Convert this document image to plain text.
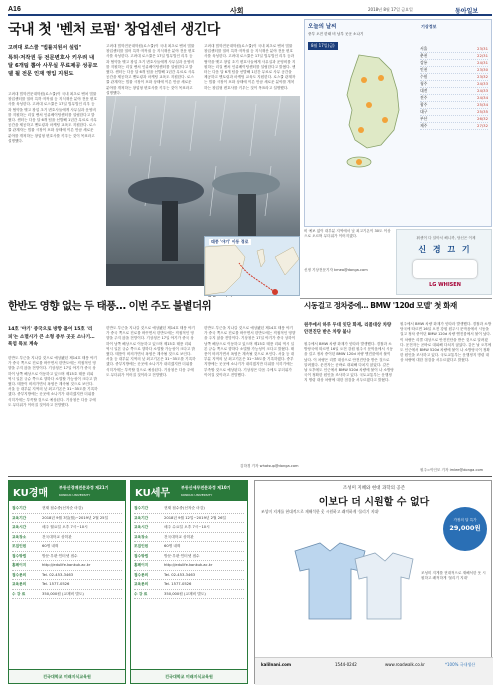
A16	사회	2018년 8월 17일 금요일	동아일보
국내 첫 '벤처 로펌' 창업센터 생긴다
고려대 로스쿨 "법률지원서 설립"
특허·저작권 등 전문변호사 키우려 내달 6개팀 뽑아 사무실 무료제공 성공모델 될 전문 인재 영입 지원도
고려대 법학전문대학원(로스쿨)이 국내 최초로 벤처 법률 창업센터를 열어 특허·저작권 등 지식재산 분야 전문 변호사를 육성한다. 고려대 로스쿨은 17일 법무법인 리우 등과 협약을 맺고 창업 초기 변호사들에게 사무실과 운영비를 지원하는 리걸 벤처 인큐베이팅센터를 설립한다고 밝혔다. 센터는 다음 달 6개 팀을 선발해 1년간 무료로 사무 공간을 제공하고 멘토링과 마케팅 교육도 지원한다. 로스쿨 관계자는 법률 시장이 포화 상태에 이른 만큼 새로운 분야를 개척하는 창업형 변호사를 키우는 것이 목표라고 설명했다.
고려대 법학전문대학원(로스쿨)이 국내 최초로 벤처 법률 창업센터를 열어 특허·저작권 등 지식재산 분야 전문 변호사를 육성한다. 고려대 로스쿨은 17일 법무법인 리우 등과 협약을 맺고 창업 초기 변호사들에게 사무실과 운영비를 지원하는 리걸 벤처 인큐베이팅센터를 설립한다고 밝혔다. 센터는 다음 달 6개 팀을 선발해 1년간 무료로 사무 공간을 제공하고 멘토링과 마케팅 교육도 지원한다. 로스쿨 관계자는 법률 시장이 포화 상태에 이른 만큼 새로운 분야를 개척하는 창업형 변호사를 키우는 것이 목표라고 설명했다.
고려대 법학전문대학원(로스쿨)이 국내 최초로 벤처 법률 창업센터를 열어 특허·저작권 등 지식재산 분야 전문 변호사를 육성한다. 고려대 로스쿨은 17일 법무법인 리우 등과 협약을 맺고 창업 초기 변호사들에게 사무실과 운영비를 지원하는 리걸 벤처 인큐베이팅센터를 설립한다고 밝혔다. 센터는 다음 달 6개 팀을 선발해 1년간 무료로 사무 공간을 제공하고 멘토링과 마케팅 교육도 지원한다. 로스쿨 관계자는 법률 시장이 포화 상태에 이른 만큼 새로운 분야를 개척하는 창업형 변호사를 키우는 것이 목표라고 설명했다.
오늘의 날씨
중부 오전 한때 비 남부 곳곳 소나기
8월 17일(금)
서울	23/31
춘천	22/31
강릉	24/31
인천	23/30
수원	23/32
청주	24/33
대전	24/33
전주	24/34
광주	25/34
대구	25/35
부산	26/32
제주	27/32
기상정보
비 예보 없이 대부분 지역에서 낮 최고기온이 30도 이상으로 오르며 무더위가 이어지겠다.
신정 기상전문기자 kmeo@donga.com
태풍 '야기' 이동 경로
휘센이 다 알아서 해니까, 당신은 이제
신 경 끄 기
LG WHISEN
시동걸고 정차중에… BMW '120d 모델' 첫 화재
원주에서 하루 두대 잇단 화재, 리콜대상 차량 안전진단 받은 차량 불나
원주에서 BMW 차량 화재가 잇따라 발생했다. 경찰과 소방당국에 따르면 16일 오전 강원 원주시 문막읍에서 시동을 걸고 정차 중이던 BMW 120d 차량 엔진룸에서 불이 났다. 이 차량은 리콜 대상으로 안전진단을 받은 것으로 알려졌다. 운전자는 곧바로 대피해 다치지 않았다. 같은 날 오후에도 인근에서 BMW 520d 차량에 불이 나 소방당국이 정확한 원인을 조사하고 있다. 국토교통부는 운행정지 명령 대상 차량에 대한 점검을 서두르겠다고 밝혔다.
원주에서 BMW 차량 화재가 잇따라 발생했다. 경찰과 소방당국에 따르면 16일 오전 강원 원주시 문막읍에서 시동을 걸고 정차 중이던 BMW 120d 차량 엔진룸에서 불이 났다. 이 차량은 리콜 대상으로 안전진단을 받은 것으로 알려졌다. 운전자는 곧바로 대피해 다치지 않았다. 같은 날 오후에도 인근에서 BMW 520d 차량에 불이 나 소방당국이 정확한 원인을 조사하고 있다. 국토교통부는 운행정지 명령 대상 차량에 대한 점검을 서두르겠다고 밝혔다.
원주=이인모 기자 imlee@donga.com
한반도 영향 없는 두 태풍… 이번 주도 불볕더위
14호 '야기' 중국으로 방향 틀어 15호 '리피'는 소멸시가 큰 소형 중부 곳곳 소나기… 폭염 특보 계속
한반도 부근을 지나갈 것으로 예상됐던 제14호 태풍 야기가 중국 쪽으로 진로를 바꾸면서 한반도에는 직접적인 영향을 주지 않을 전망이다. 기상청은 17일 야기가 중국 상하이 남쪽 해상으로 이동하고 있으며 제15호 태풍 리피 역시 일본 규슈 쪽으로 향하다 소멸할 가능성이 크다고 밝혔다. 태풍이 비켜가면서 폭염은 계속될 것으로 보인다. 서울 등 대부분 지역의 낮 최고기온은 31~35도를 기록하겠다. 중부지방에는 곳곳에 소나기가 내리겠지만 더위를 식히기에는 부족할 것으로 예상된다. 기상청은 다음 주에도 무더위가 이어질 것이라고 전망했다.
한반도 부근을 지나갈 것으로 예상됐던 제14호 태풍 야기가 중국 쪽으로 진로를 바꾸면서 한반도에는 직접적인 영향을 주지 않을 전망이다. 기상청은 17일 야기가 중국 상하이 남쪽 해상으로 이동하고 있으며 제15호 태풍 리피 역시 일본 규슈 쪽으로 향하다 소멸할 가능성이 크다고 밝혔다. 태풍이 비켜가면서 폭염은 계속될 것으로 보인다. 서울 등 대부분 지역의 낮 최고기온은 31~35도를 기록하겠다. 중부지방에는 곳곳에 소나기가 내리겠지만 더위를 식히기에는 부족할 것으로 예상된다. 기상청은 다음 주에도 무더위가 이어질 것이라고 전망했다.
한반도 부근을 지나갈 것으로 예상됐던 제14호 태풍 야기가 중국 쪽으로 진로를 바꾸면서 한반도에는 직접적인 영향을 주지 않을 전망이다. 기상청은 17일 야기가 중국 상하이 남쪽 해상으로 이동하고 있으며 제15호 태풍 리피 역시 일본 규슈 쪽으로 향하다 소멸할 가능성이 크다고 밝혔다. 태풍이 비켜가면서 폭염은 계속될 것으로 보인다. 서울 등 대부분 지역의 낮 최고기온은 31~35도를 기록하겠다. 중부지방에는 곳곳에 소나기가 내리겠지만 더위를 식히기에는 부족할 것으로 예상된다. 기상청은 다음 주에도 무더위가 이어질 것이라고 전망했다.
김하경 기자 whatsup@donga.com
KU경매
부동산경매전문과정 제21기
KONKUK UNIVERSITY
접수기간	현재 접수중(선착순 마감)
교육기간	2018년 9월 3일(월)~2019년 2월 25일
교육시간	매주 월요일 오후 7시~10시
교육장소	건국대학교 상허관
모집인원	60명 내외
접수방법	방문·우편·인터넷 접수
홈페이지	http://edulife.konkuk.ac.kr
접수문의	Tel. 02-453-3463
교육문의	Tel. 1577-0526
수 강 료	350,000원 (교재비 별도)
건국대학교 미래지식교육원
KU세무
부동산세무전문과정 제10기
KONKUK UNIVERSITY
접수기간	현재 접수중(선착순 마감)
교육기간	2018년 9월 12일~2019년 2월 26일
교육시간	매주 수요일 오후 7시~10시
교육장소	건국대학교 상허관
모집인원	60명 내외
접수방법	방문·우편·인터넷 접수
홈페이지	http://edulife.konkuk.ac.kr
접수문의	Tel. 02-453-3463
교육문의	Tel. 1577-0526
수 강 료	350,000원 (교재비 별도)
건국대학교 미래지식교육원
조성미 지혜와 현대 과학의 공존
이보다 더 시원할 수 없다
조성미 지게를 현대적으로 재해석한 옷 시원하고 쾌적하게 '물리기 지대'
가정의 달 특가
29,000원
조성미 지게를 현대적으로 재해석한 옷 시원하고 쾌적하게 '물리기 지대'
kalilnani.com	1544-0242	www.roadwalk.co.kr	*100% 국내생산
